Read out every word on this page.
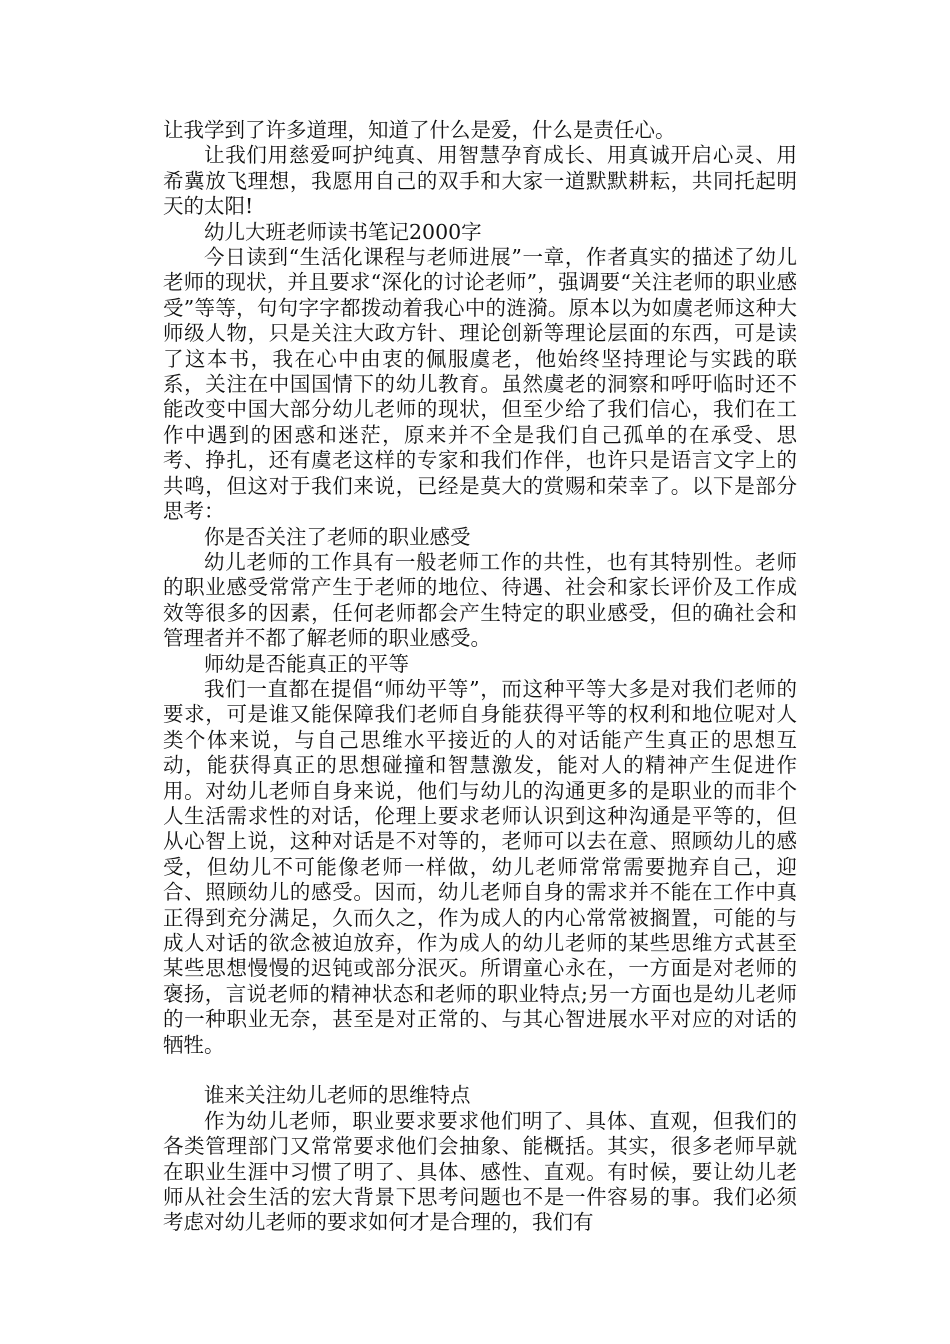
让我学到了许多道理，知道了什么是爱，什么是责任心。

让我们用慈爱呵护纯真、用智慧孕育成长、用真诚开启心灵、用希冀放飞理想，我愿用自己的双手和大家一道默默耕耘，共同托起明天的太阳!

幼儿大班老师读书笔记2000字

今日读到“生活化课程与老师进展”一章，作者真实的描述了幼儿老师的现状，并且要求“深化的讨论老师”，强调要“关注老师的职业感受”等等，句句字字都拨动着我心中的涟漪。原本以为如虞老师这种大师级人物，只是关注大政方针、理论创新等理论层面的东西，可是读了这本书，我在心中由衷的佩服虞老，他始终坚持理论与实践的联系，关注在中国国情下的幼儿教育。虽然虞老的洞察和呼吁临时还不能改变中国大部分幼儿老师的现状，但至少给了我们信心，我们在工作中遇到的困惑和迷茫，原来并不全是我们自己孤单的在承受、思考、挣扎，还有虞老这样的专家和我们作伴，也许只是语言文字上的共鸣，但这对于我们来说，已经是莫大的赏赐和荣幸了。以下是部分思考：

你是否关注了老师的职业感受

幼儿老师的工作具有一般老师工作的共性，也有其特别性。老师的职业感受常常产生于老师的地位、待遇、社会和家长评价及工作成效等很多的因素，任何老师都会产生特定的职业感受，但的确社会和管理者并不都了解老师的职业感受。

师幼是否能真正的平等

我们一直都在提倡“师幼平等”，而这种平等大多是对我们老师的要求，可是谁又能保障我们老师自身能获得平等的权利和地位呢对人类个体来说，与自己思维水平接近的人的对话能产生真正的思想互动，能获得真正的思想碰撞和智慧激发，能对人的精神产生促进作用。对幼儿老师自身来说，他们与幼儿的沟通更多的是职业的而非个人生活需求性的对话，伦理上要求老师认识到这种沟通是平等的，但从心智上说，这种对话是不对等的，老师可以去在意、照顾幼儿的感受，但幼儿不可能像老师一样做，幼儿老师常常需要抛弃自己，迎合、照顾幼儿的感受。因而，幼儿老师自身的需求并不能在工作中真正得到充分满足，久而久之，作为成人的内心常常被搁置，可能的与成人对话的欲念被迫放弃，作为成人的幼儿老师的某些思维方式甚至某些思想慢慢的迟钝或部分泯灭。所谓童心永在，一方面是对老师的褒扬，言说老师的精神状态和老师的职业特点;另一方面也是幼儿老师的一种职业无奈，甚至是对正常的、与其心智进展水平对应的对话的牺牲。

谁来关注幼儿老师的思维特点

作为幼儿老师，职业要求要求他们明了、具体、直观，但我们的各类管理部门又常常要求他们会抽象、能概括。其实，很多老师早就在职业生涯中习惯了明了、具体、感性、直观。有时候，要让幼儿老师从社会生活的宏大背景下思考问题也不是一件容易的事。我们必须考虑对幼儿老师的要求如何才是合理的，我们有
